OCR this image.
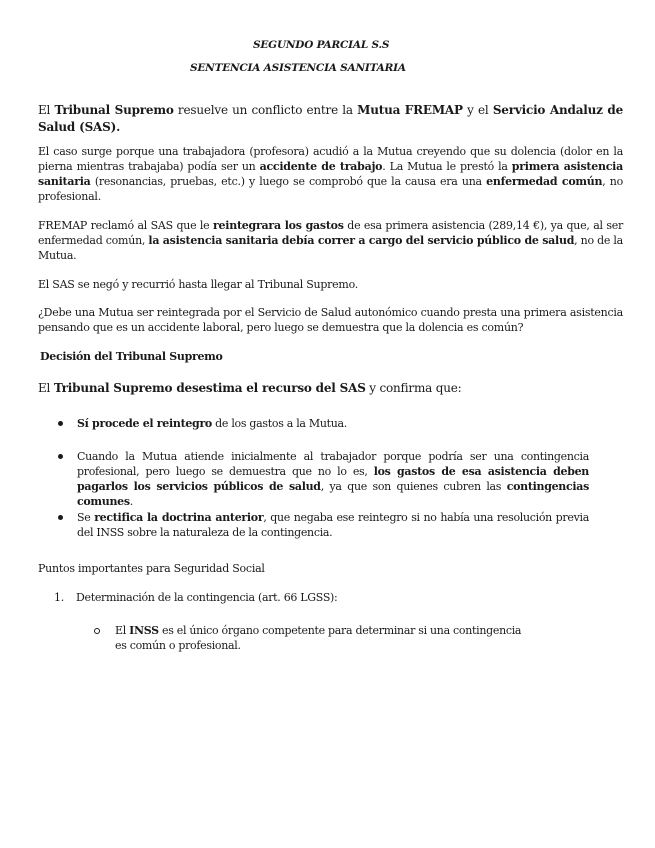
SEGUNDO PARCIAL S.S

SENTENCIA ASISTENCIA SANITARIA

El Tribunal Supremo resuelve un conflicto entre la Mutua FREMAP y el Servicio Andaluz de Salud (SAS).

El caso surge porque una trabajadora (profesora) acudió a la Mutua creyendo que su dolencia (dolor en la pierna mientras trabajaba) podía ser un accidente de trabajo. La Mutua le prestó la primera asistencia sanitaria (resonancias, pruebas, etc.) y luego se comprobó que la causa era una enfermedad común, no profesional.

FREMAP reclamó al SAS que le reintegrara los gastos de esa primera asistencia (289,14 €), ya que, al ser enfermedad común, la asistencia sanitaria debía correr a cargo del servicio público de salud, no de la Mutua.

El SAS se negó y recurrió hasta llegar al Tribunal Supremo.

¿Debe una Mutua ser reintegrada por el Servicio de Salud autonómico cuando presta una primera asistencia pensando que es un accidente laboral, pero luego se demuestra que la dolencia es común?

Decisión del Tribunal Supremo

El Tribunal Supremo desestima el recurso del SAS y confirma que:

Sí procede el reintegro de los gastos a la Mutua.

Cuando la Mutua atiende inicialmente al trabajador porque podría ser una contingencia profesional, pero luego se demuestra que no lo es, los gastos de esa asistencia deben pagarlos los servicios públicos de salud, ya que son quienes cubren las contingencias comunes.

Se rectifica la doctrina anterior, que negaba ese reintegro si no había una resolución previa del INSS sobre la naturaleza de la contingencia.

Puntos importantes para Seguridad Social

1. Determinación de la contingencia (art. 66 LGSS):

El INSS es el único órgano competente para determinar si una contingencia es común o profesional.
